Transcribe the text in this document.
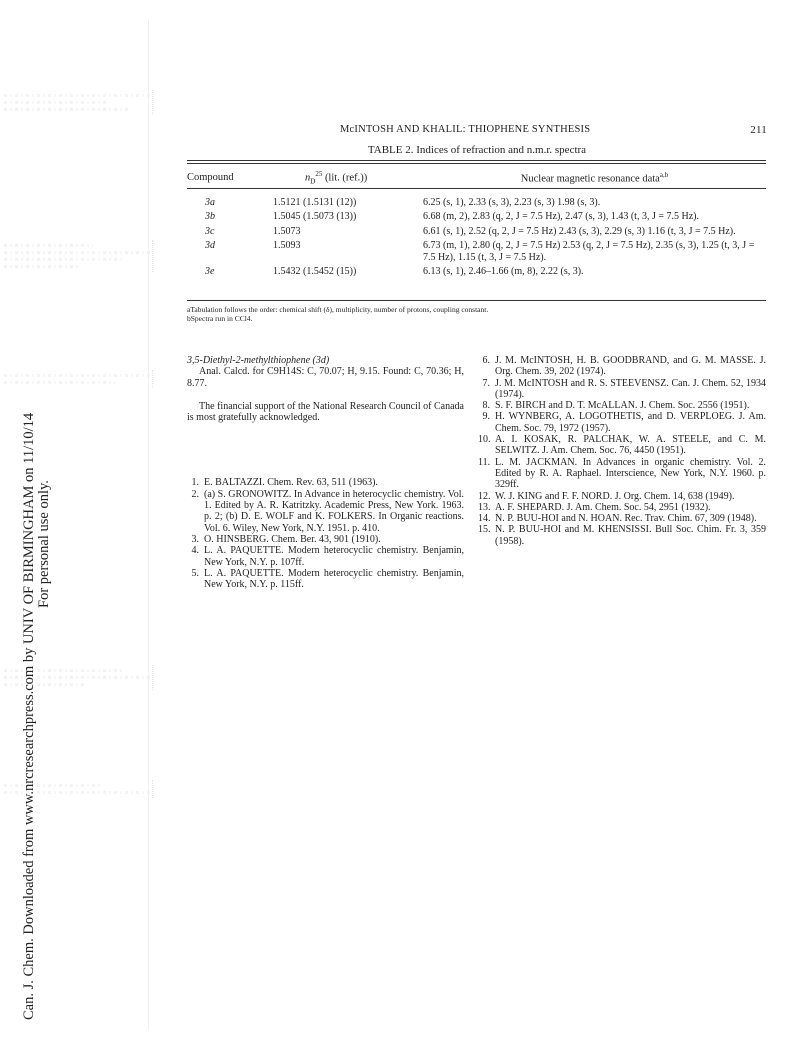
Can. J. Chem. Downloaded from www.nrcresearchpress.com by UNIV OF BIRMINGHAM on 11/10/14 For personal use only.
McINTOSH AND KHALIL: THIOPHENE SYNTHESIS	211
TABLE 2. Indices of refraction and n.m.r. spectra
Compound	$n_D^{25}$ (lit. (ref.))	Nuclear magnetic resonance data$^{a,b}$

3a	1.5121 (1.5131 (12))	6.25 (s, 1), 2.33 (s, 3), 2.23 (s, 3) 1.98 (s, 3).
3b	1.5045 (1.5073 (13))	6.68 (m, 2), 2.83 (q, 2, J = 7.5 Hz), 2.47 (s, 3), 1.43 (t, 3, J = 7.5 Hz).
3c	1.5073	6.61 (s, 1), 2.52 (q, 2, J = 7.5 Hz) 2.43 (s, 3), 2.29 (s, 3) 1.16 (t, 3, J = 7.5 Hz).
3d	1.5093	6.73 (m, 1), 2.80 (q, 2, J = 7.5 Hz) 2.53 (q, 2, J = 7.5 Hz), 2.35 (s, 3), 1.25 (t, 3, J = 7.5 Hz), 1.15 (t, 3, J = 7.5 Hz).
3e	1.5432 (1.5452 (15))	6.13 (s, 1), 2.46–1.66 (m, 8), 2.22 (s, 3).
aTabulation follows the order: chemical shift (δ), multiplicity, number of protons, coupling constant.
bSpectra run in CCl4.

3,5-Diethyl-2-methylthiophene (3d)

Anal. Calcd. for C9H14S: C, 70.07; H, 9.15. Found: C, 70.36; H, 8.77.

The financial support of the National Research Council of Canada is most gratefully acknowledged.

1. E. BALTAZZI. Chem. Rev. 63, 511 (1963).
2. (a) S. GRONOWITZ. In Advance in heterocyclic chemistry. Vol. 1. Edited by A. R. Katritzky. Academic Press, New York. 1963. p. 2; (b) D. E. WOLF and K. FOLKERS. In Organic reactions. Vol. 6. Wiley, New York, N.Y. 1951. p. 410.
3. O. HINSBERG. Chem. Ber. 43, 901 (1910).
4. L. A. PAQUETTE. Modern heterocyclic chemistry. Benjamin, New York, N.Y. p. 107ff.
5. L. A. PAQUETTE. Modern heterocyclic chemistry. Benjamin, New York, N.Y. p. 115ff.
6. J. M. McINTOSH, H. B. GOODBRAND, and G. M. MASSE. J. Org. Chem. 39, 202 (1974).
7. J. M. McINTOSH and R. S. STEEVENSZ. Can. J. Chem. 52, 1934 (1974).
8. S. F. BIRCH and D. T. McALLAN. J. Chem. Soc. 2556 (1951).
9. H. WYNBERG, A. LOGOTHETIS, and D. VERPLOEG. J. Am. Chem. Soc. 79, 1972 (1957).
10. A. I. KOSAK, R. PALCHAK, W. A. STEELE, and C. M. SELWITZ. J. Am. Chem. Soc. 76, 4450 (1951).
11. L. M. JACKMAN. In Advances in organic chemistry. Vol. 2. Edited by R. A. Raphael. Interscience, New York, N.Y. 1960. p. 329ff.
12. W. J. KING and F. F. NORD. J. Org. Chem. 14, 638 (1949).
13. A. F. SHEPARD. J. Am. Chem. Soc. 54, 2951 (1932).
14. N. P. BUU-HOI and N. HOAN. Rec. Trav. Chim. 67, 309 (1948).
15. N. P. BUU-HOI and M. KHENSISSI. Bull Soc. Chim. Fr. 3, 359 (1958).
